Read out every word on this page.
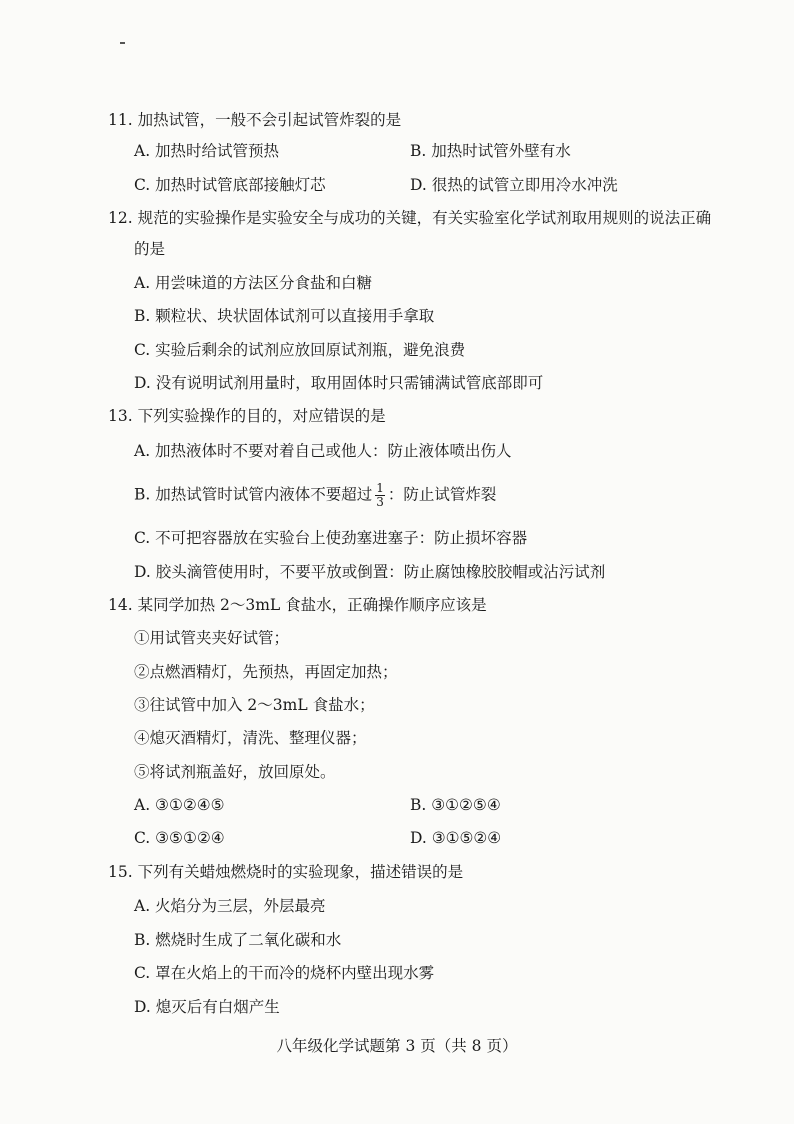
11. 加热试管，一般不会引起试管炸裂的是
A. 加热时给试管预热	B. 加热时试管外壁有水
C. 加热时试管底部接触灯芯	D. 很热的试管立即用冷水冲洗
12. 规范的实验操作是实验安全与成功的关键，有关实验室化学试剂取用规则的说法正确
的是
A. 用尝味道的方法区分食盐和白糖
B. 颗粒状、块状固体试剂可以直接用手拿取
C. 实验后剩余的试剂应放回原试剂瓶，避免浪费
D. 没有说明试剂用量时，取用固体时只需铺满试管底部即可
13. 下列实验操作的目的，对应错误的是
A. 加热液体时不要对着自己或他人：防止液体喷出伤人
B. 加热试管时试管内液体不要超过 $\frac{1}{3}$ ：防止试管炸裂
C. 不可把容器放在实验台上使劲塞进塞子：防止损坏容器
D. 胶头滴管使用时，不要平放或倒置：防止腐蚀橡胶胶帽或沾污试剂
14. 某同学加热 2～3mL 食盐水，正确操作顺序应该是
①用试管夹夹好试管；
②点燃酒精灯，先预热，再固定加热；
③往试管中加入 2～3mL 食盐水；
④熄灭酒精灯，清洗、整理仪器；
⑤将试剂瓶盖好，放回原处。
A. ③①②④⑤	B. ③①②⑤④
C. ③⑤①②④	D. ③①⑤②④
15. 下列有关蜡烛燃烧时的实验现象，描述错误的是
A. 火焰分为三层，外层最亮
B. 燃烧时生成了二氧化碳和水
C. 罩在火焰上的干而冷的烧杯内壁出现水雾
D. 熄灭后有白烟产生
八年级化学试题第 3 页（共 8 页）
